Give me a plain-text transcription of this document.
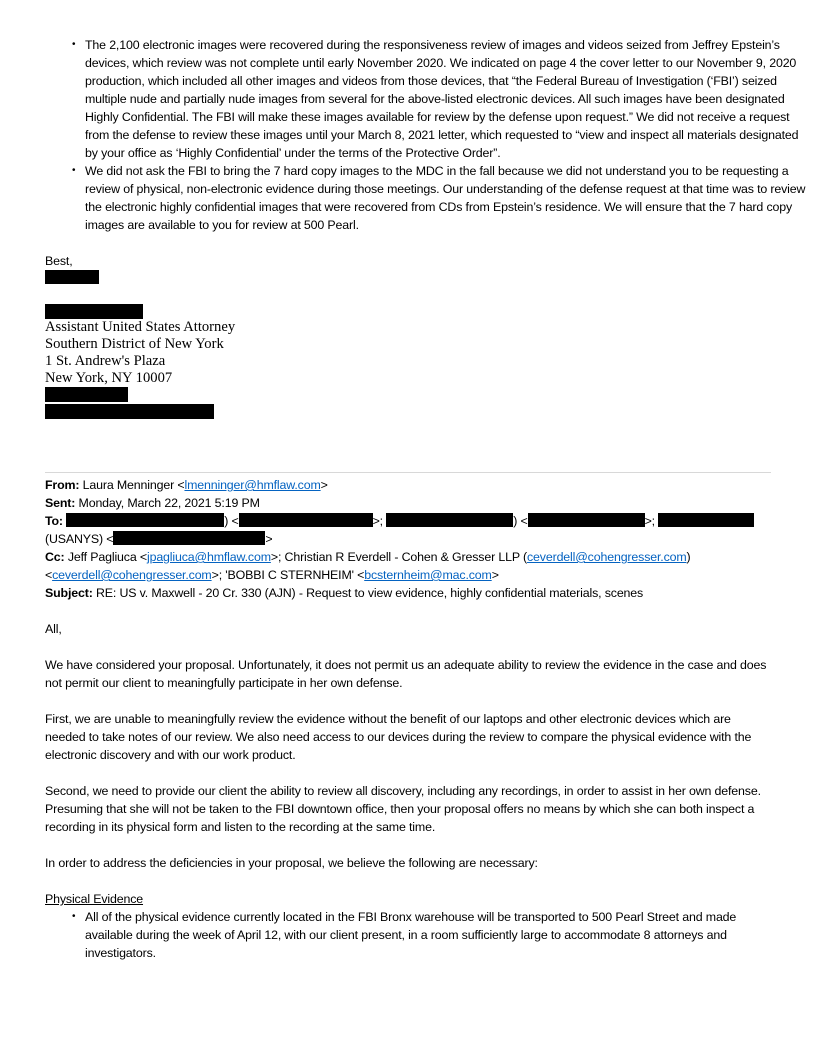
• The 2,100 electronic images were recovered during the responsiveness review of images and videos seized from Jeffrey Epstein’s devices, which review was not complete until early November 2020. We indicated on page 4 the cover letter to our November 9, 2020 production, which included all other images and videos from those devices, that “the Federal Bureau of Investigation (‘FBI’) seized multiple nude and partially nude images from several for the above-listed electronic devices. All such images have been designated Highly Confidential. The FBI will make these images available for review by the defense upon request.” We did not receive a request from the defense to review these images until your March 8, 2021 letter, which requested to “view and inspect all materials designated by your office as ‘Highly Confidential’ under the terms of the Protective Order”.
• We did not ask the FBI to bring the 7 hard copy images to the MDC in the fall because we did not understand you to be requesting a review of physical, non-electronic evidence during those meetings. Our understanding of the defense request at that time was to review the electronic highly confidential images that were recovered from CDs from Epstein’s residence. We will ensure that the 7 hard copy images are available to you for review at 500 Pearl.

Best,

Assistant United States Attorney

Southern District of New York

1 St. Andrew's Plaza

New York, NY 10007

From: Laura Menninger <lmenninger@hmflaw.com>

Sent: Monday, March 22, 2021 5:19 PM

To:	) <	>;	) <	>;

(USANYS) <	>

Cc: Jeff Pagliuca <jpagliuca@hmflaw.com>; Christian R Everdell - Cohen & Gresser LLP (ceverdell@cohengresser.com)
<ceverdell@cohengresser.com>; 'BOBBI C STERNHEIM' <bcsternheim@mac.com>

Subject: RE: US v. Maxwell - 20 Cr. 330 (AJN) - Request to view evidence, highly confidential materials, scenes

All,

We have considered your proposal. Unfortunately, it does not permit us an adequate ability to review the evidence in the case and does not permit our client to meaningfully participate in her own defense.

First, we are unable to meaningfully review the evidence without the benefit of our laptops and other electronic devices which are needed to take notes of our review. We also need access to our devices during the review to compare the physical evidence with the electronic discovery and with our work product.

Second, we need to provide our client the ability to review all discovery, including any recordings, in order to assist in her own defense. Presuming that she will not be taken to the FBI downtown office, then your proposal offers no means by which she can both inspect a recording in its physical form and listen to the recording at the same time.

In order to address the deficiencies in your proposal, we believe the following are necessary:

Physical Evidence

• All of the physical evidence currently located in the FBI Bronx warehouse will be transported to 500 Pearl Street and made available during the week of April 12, with our client present, in a room sufficiently large to accommodate 8 attorneys and investigators.
